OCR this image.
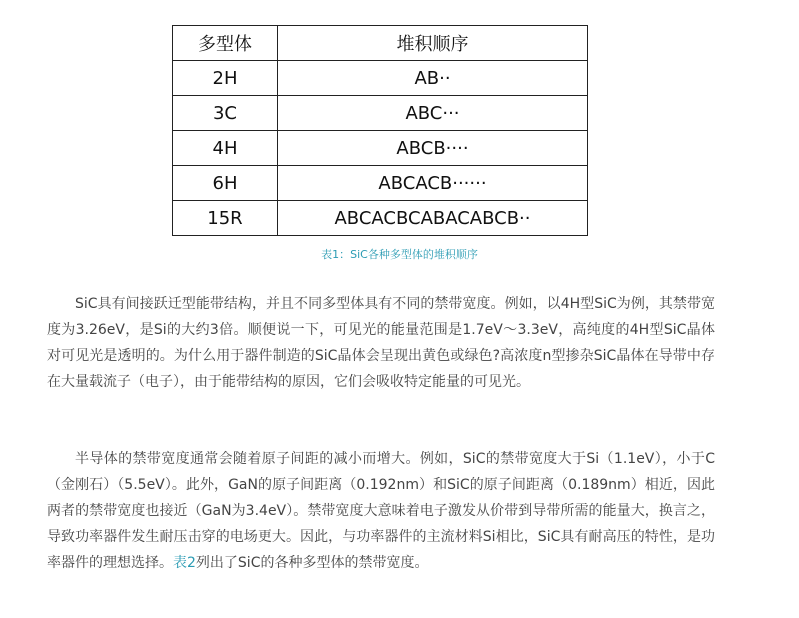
多型体	堆积顺序
2H	AB··
3C	ABC···
4H	ABCB····
6H	ABCACB······
15R	ABCACBCABACABCB··
表1：SiC各种多型体的堆积顺序

SiC具有间接跃迁型能带结构，并且不同多型体具有不同的禁带宽度。例如，以4H型SiC为例，其禁带宽度为3.26eV，是Si的大约3倍。顺便说一下，可见光的能量范围是1.7eV～3.3eV，高纯度的4H型SiC晶体对可见光是透明的。为什么用于器件制造的SiC晶体会呈现出黄色或绿色?高浓度n型掺杂SiC晶体在导带中存在大量载流子（电子），由于能带结构的原因，它们会吸收特定能量的可见光。

半导体的禁带宽度通常会随着原子间距的减小而增大。例如，SiC的禁带宽度大于Si（1.1eV），小于C（金刚石）（5.5eV）。此外，GaN的原子间距离（0.192nm）和SiC的原子间距离（0.189nm）相近，因此两者的禁带宽度也接近（GaN为3.4eV）。禁带宽度大意味着电子激发从价带到导带所需的能量大，换言之，导致功率器件发生耐压击穿的电场更大。因此，与功率器件的主流材料Si相比，SiC具有耐高压的特性，是功率器件的理想选择。表2列出了SiC的各种多型体的禁带宽度。
